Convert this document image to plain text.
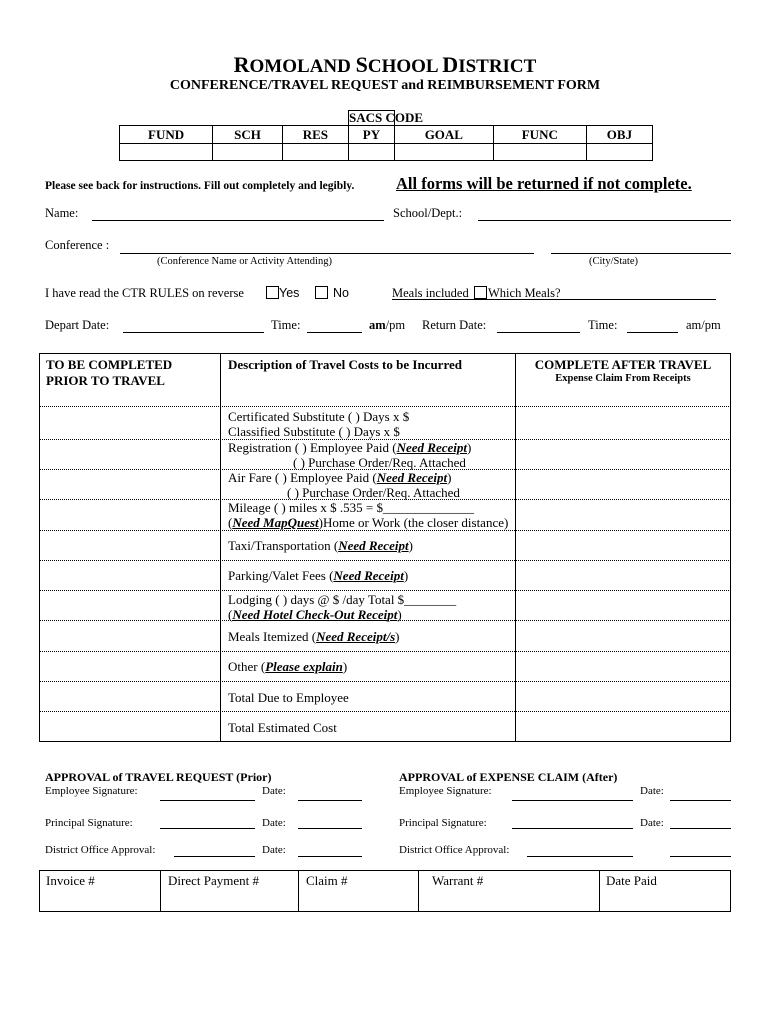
ROMOLAND SCHOOL DISTRICT
CONFERENCE/TRAVEL REQUEST and REIMBURSEMENT FORM

FUND	SCH	RES	PY	GOAL	FUNC	OBJ

SACS CODE
Please see back for instructions. Fill out completely and legibly.	All forms will be returned if not complete.
Name:	School/Dept.:
Conference :
(Conference Name or Activity Attending)	(City/State)
I have read the CTR RULES on reverse	Yes	No	Meals included Which Meals?
Depart Date:	Time:	am/pm Return Date:	Time:	am/pm
TO BE COMPLETED
PRIOR TO TRAVEL
Description of Travel Costs to be Incurred	COMPLETE AFTER TRAVEL
Expense Claim From Receipts
Certificated Substitute ( ) Days x $
Classified Substitute ( ) Days x $
Registration ( ) Employee Paid (Need Receipt)
( ) Purchase Order/Req. Attached
Air Fare ( ) Employee Paid (Need Receipt)
( ) Purchase Order/Req. Attached
Mileage ( ) miles x $ .535 = $______________
(Need MapQuest)Home or Work (the closer distance)
Taxi/Transportation (Need Receipt)
Parking/Valet Fees (Need Receipt)
Lodging ( ) days @ $ /day Total $________
(Need Hotel Check-Out Receipt)
Meals Itemized (Need Receipt/s)
Other (Please explain)
Total Due to Employee
Total Estimated Cost
APPROVAL of TRAVEL REQUEST (Prior)	APPROVAL of EXPENSE CLAIM (After)
Employee Signature:	Date:	Employee Signature:	Date:
Principal Signature:	Date:	Principal Signature:	Date:
District Office Approval:	Date:	District Office Approval:
Invoice #	Direct Payment #	Claim #	Warrant #	Date Paid
